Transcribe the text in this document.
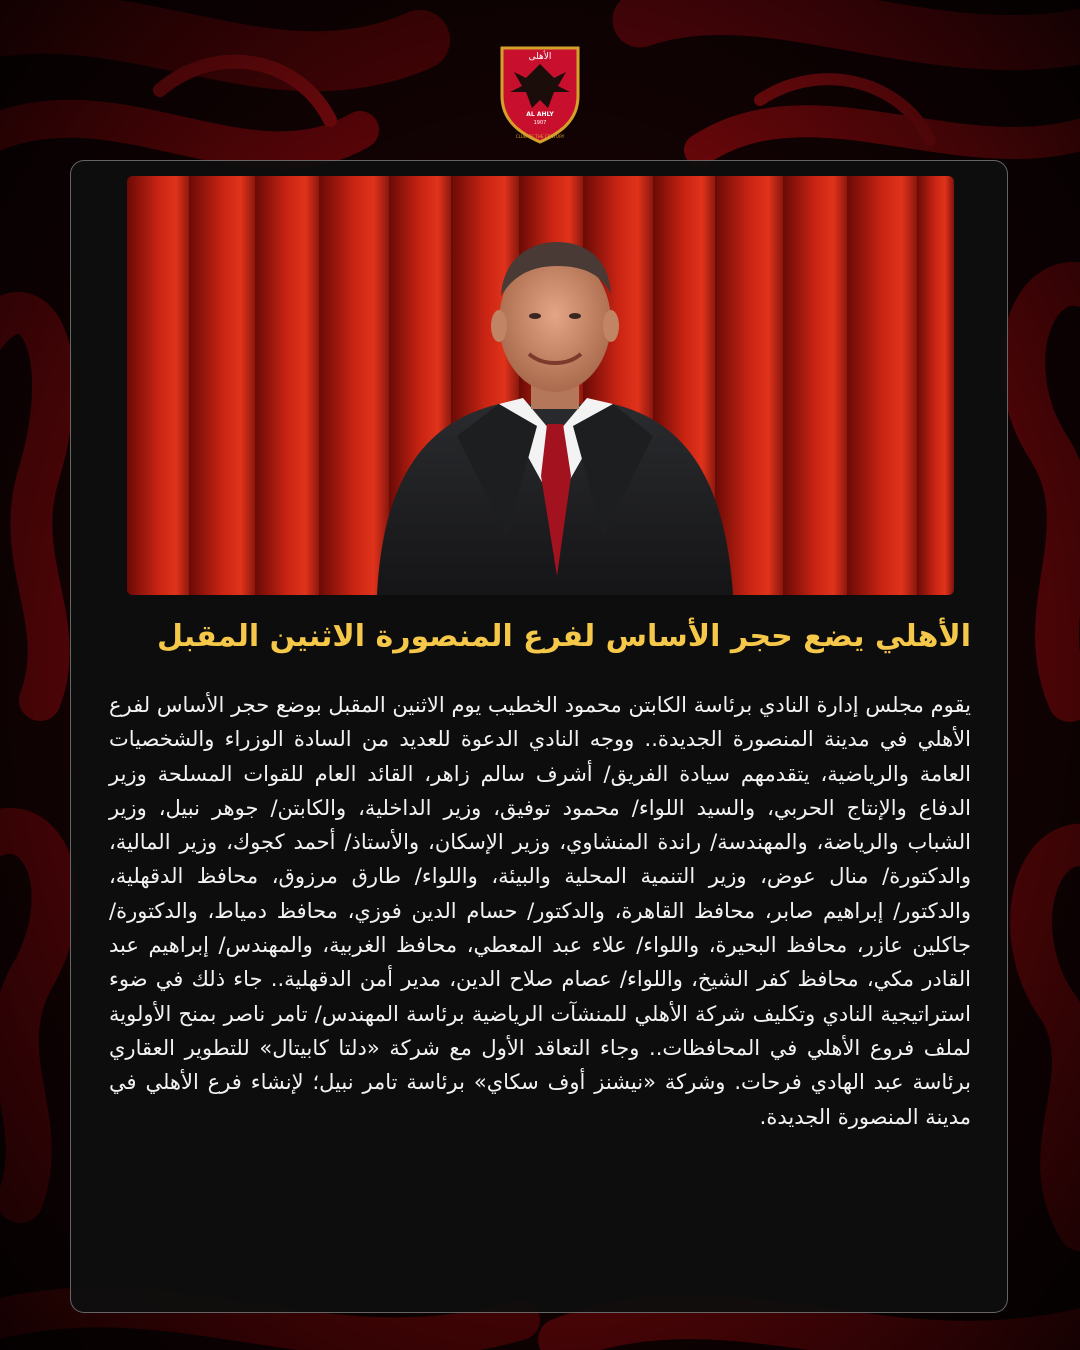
الأهلى
AL AHLY
1907
CLUB OF THE CENTURY
الأهلي يضع حجر الأساس لفرع المنصورة الاثنين المقبل
يقوم مجلس إدارة النادي برئاسة الكابتن محمود الخطيب يوم الاثنين المقبل بوضع حجر الأساس لفرع الأهلي في مدينة المنصورة الجديدة.. ووجه النادي الدعوة للعديد من السادة الوزراء والشخصيات العامة والرياضية، يتقدمهم سيادة الفريق/ أشرف سالم زاهر، القائد العام للقوات المسلحة وزير الدفاع والإنتاج الحربي، والسيد اللواء/ محمود توفيق، وزير الداخلية، والكابتن/ جوهر نبيل، وزير الشباب والرياضة، والمهندسة/ راندة المنشاوي، وزير الإسكان، والأستاذ/ أحمد كجوك، وزير المالية، والدكتورة/ منال عوض، وزير التنمية المحلية والبيئة، واللواء/ طارق مرزوق، محافظ الدقهلية، والدكتور/ إبراهيم صابر، محافظ القاهرة، والدكتور/ حسام الدين فوزي، محافظ دمياط، والدكتورة/ جاكلين عازر، محافظ البحيرة، واللواء/ علاء عبد المعطي، محافظ الغربية، والمهندس/ إبراهيم عبد القادر مكي، محافظ كفر الشيخ، واللواء/ عصام صلاح الدين، مدير أمن الدقهلية.. جاء ذلك في ضوء استراتيجية النادي وتكليف شركة الأهلي للمنشآت الرياضية برئاسة المهندس/ تامر ناصر بمنح الأولوية لملف فروع الأهلي في المحافظات.. وجاء التعاقد الأول مع شركة «دلتا كابيتال» للتطوير العقاري برئاسة عبد الهادي فرحات. وشركة «نيشنز أوف سكاي» برئاسة تامر نبيل؛ لإنشاء فرع الأهلي في مدينة المنصورة الجديدة.
